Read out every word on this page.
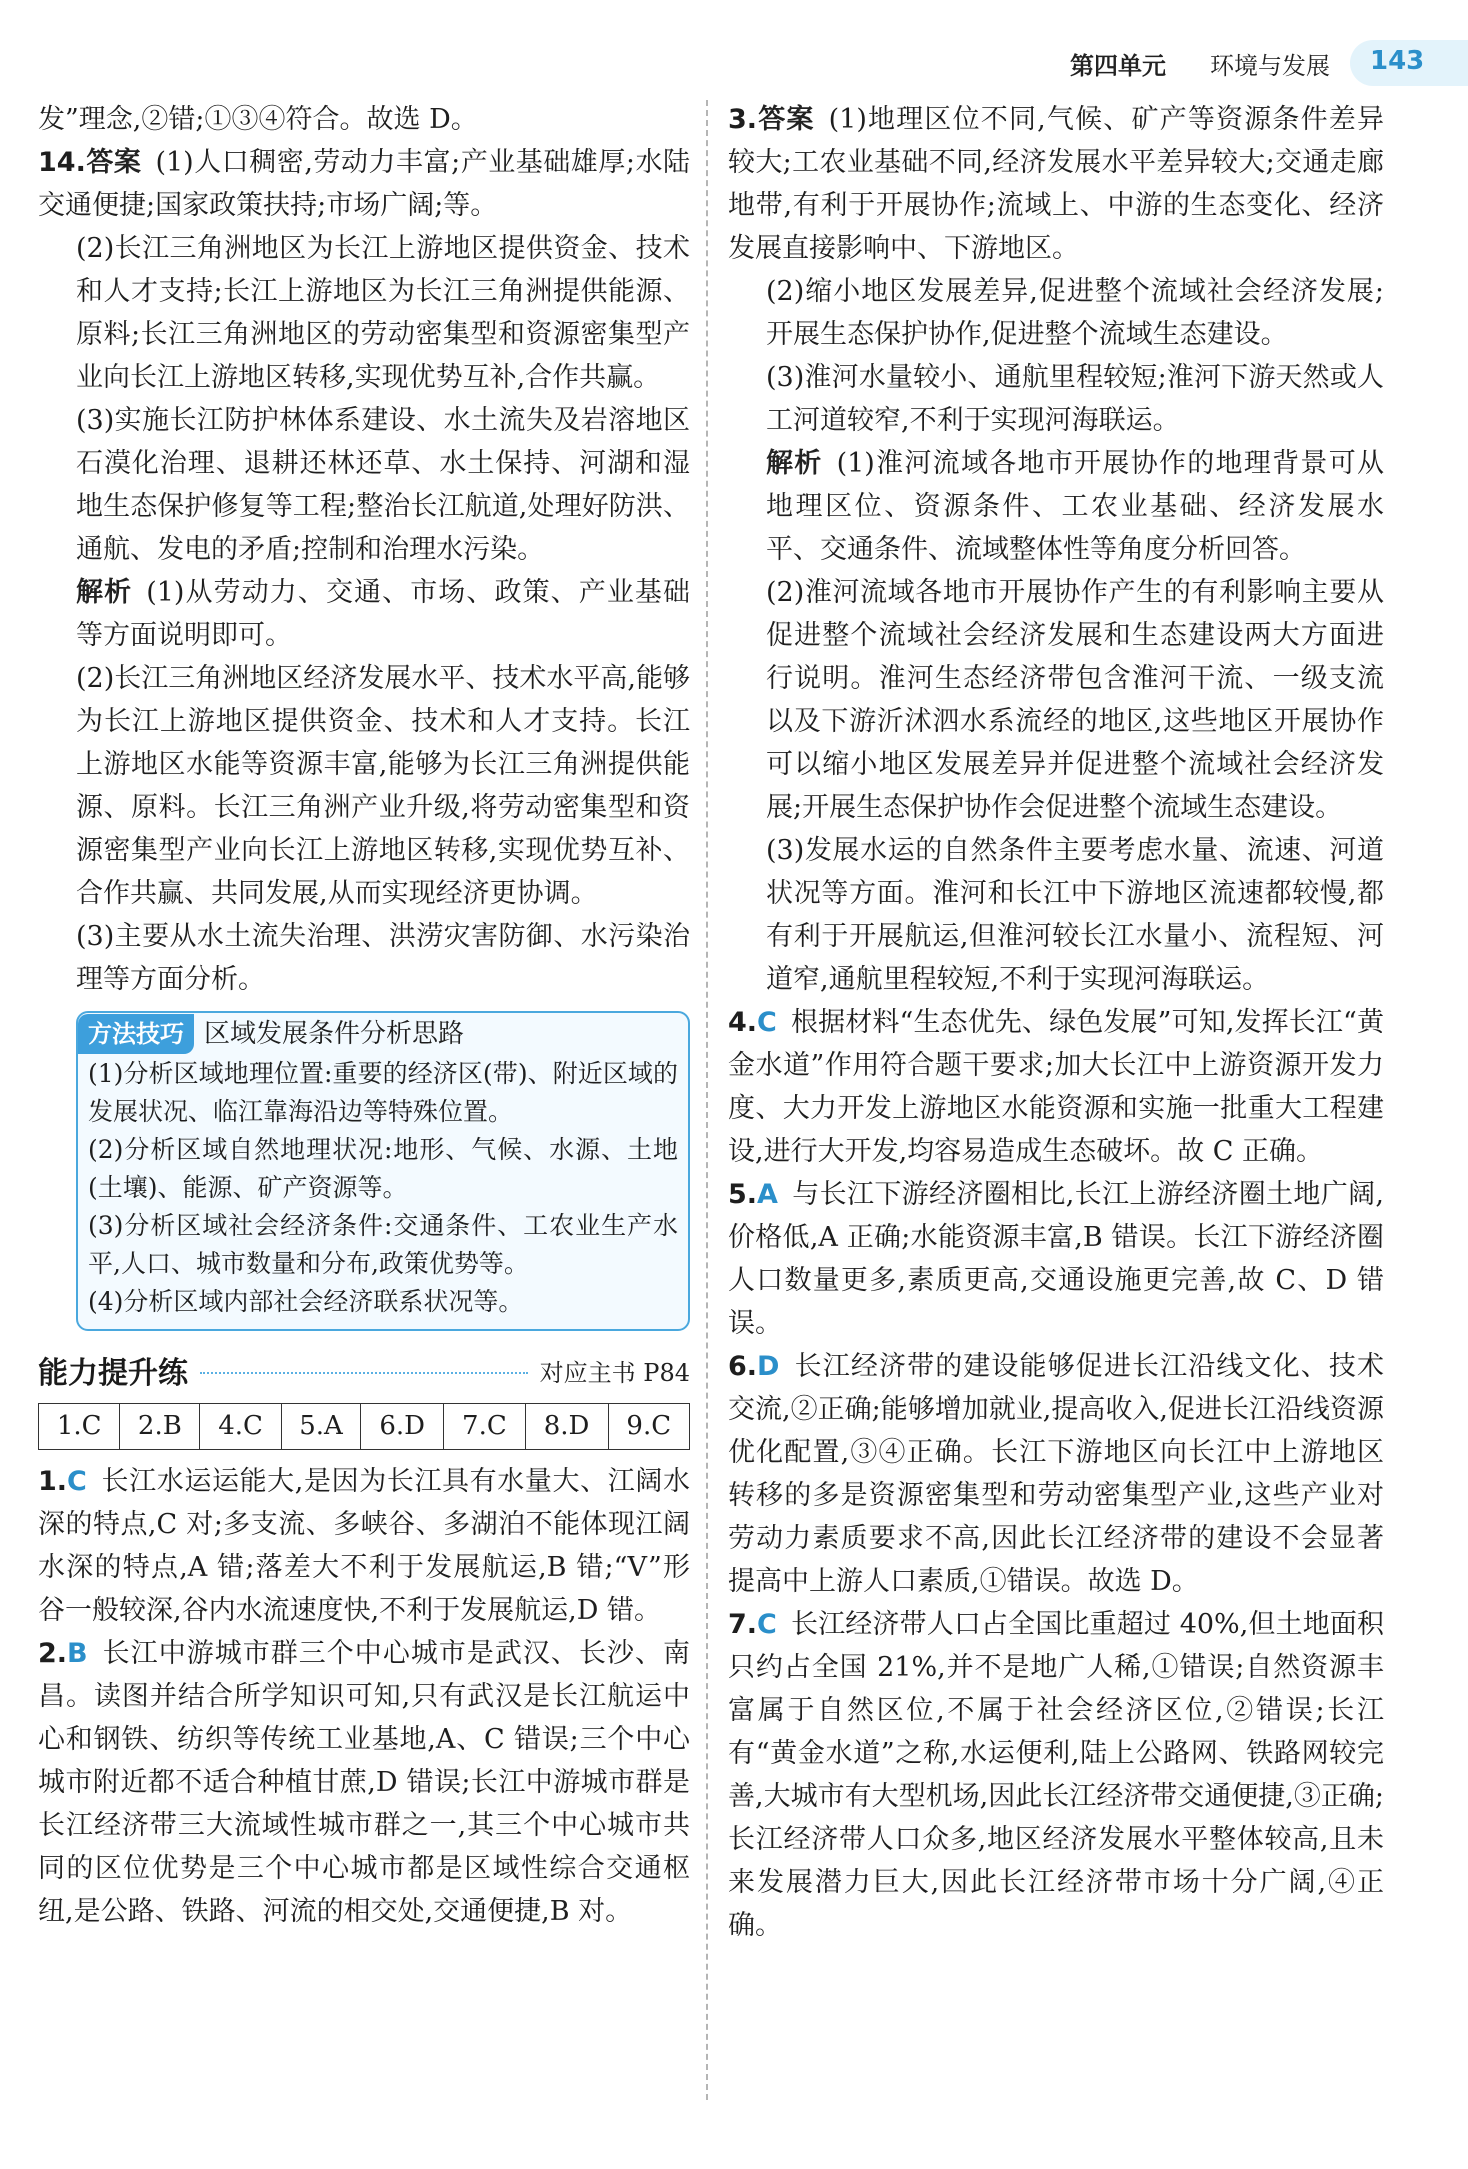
第四单元 环境与发展 143

发”理念,②错;①③④符合。故选 D。

14.答案 (1)人口稠密,劳动力丰富;产业基础雄厚;水陆交通便捷;国家政策扶持;市场广阔;等。

(2)长江三角洲地区为长江上游地区提供资金、技术和人才支持;长江上游地区为长江三角洲提供能源、原料;长江三角洲地区的劳动密集型和资源密集型产业向长江上游地区转移,实现优势互补,合作共赢。

(3)实施长江防护林体系建设、水土流失及岩溶地区石漠化治理、退耕还林还草、水土保持、河湖和湿地生态保护修复等工程;整治长江航道,处理好防洪、通航、发电的矛盾;控制和治理水污染。

解析 (1)从劳动力、交通、市场、政策、产业基础等方面说明即可。

(2)长江三角洲地区经济发展水平、技术水平高,能够为长江上游地区提供资金、技术和人才支持。长江上游地区水能等资源丰富,能够为长江三角洲提供能源、原料。长江三角洲产业升级,将劳动密集型和资源密集型产业向长江上游地区转移,实现优势互补、合作共赢、共同发展,从而实现经济更协调。

(3)主要从水土流失治理、洪涝灾害防御、水污染治理等方面分析。

方法技巧 区域发展条件分析思路

(1)分析区域地理位置:重要的经济区(带)、附近区域的发展状况、临江靠海沿边等特殊位置。

(2)分析区域自然地理状况:地形、气候、水源、土地(土壤)、能源、矿产资源等。

(3)分析区域社会经济条件:交通条件、工农业生产水平,人口、城市数量和分布,政策优势等。

(4)分析区域内部社会经济联系状况等。

能力提升练	对应主书 P84
1.C	2.B	4.C	5.A	6.D	7.C	8.D	9.C

1.C 长江水运运能大,是因为长江具有水量大、江阔水深的特点,C 对;多支流、多峡谷、多湖泊不能体现江阔水深的特点,A 错;落差大不利于发展航运,B 错;“V”形谷一般较深,谷内水流速度快,不利于发展航运,D 错。

2.B 长江中游城市群三个中心城市是武汉、长沙、南昌。读图并结合所学知识可知,只有武汉是长江航运中心和钢铁、纺织等传统工业基地,A、C 错误;三个中心城市附近都不适合种植甘蔗,D 错误;长江中游城市群是长江经济带三大流域性城市群之一,其三个中心城市共同的区位优势是三个中心城市都是区域性综合交通枢纽,是公路、铁路、河流的相交处,交通便捷,B 对。

3.答案 (1)地理区位不同,气候、矿产等资源条件差异较大;工农业基础不同,经济发展水平差异较大;交通走廊地带,有利于开展协作;流域上、中游的生态变化、经济发展直接影响中、下游地区。

(2)缩小地区发展差异,促进整个流域社会经济发展;开展生态保护协作,促进整个流域生态建设。

(3)淮河水量较小、通航里程较短;淮河下游天然或人工河道较窄,不利于实现河海联运。

解析 (1)淮河流域各地市开展协作的地理背景可从地理区位、资源条件、工农业基础、经济发展水平、交通条件、流域整体性等角度分析回答。

(2)淮河流域各地市开展协作产生的有利影响主要从促进整个流域社会经济发展和生态建设两大方面进行说明。淮河生态经济带包含淮河干流、一级支流以及下游沂沭泗水系流经的地区,这些地区开展协作可以缩小地区发展差异并促进整个流域社会经济发展;开展生态保护协作会促进整个流域生态建设。

(3)发展水运的自然条件主要考虑水量、流速、河道状况等方面。淮河和长江中下游地区流速都较慢,都有利于开展航运,但淮河较长江水量小、流程短、河道窄,通航里程较短,不利于实现河海联运。

4.C 根据材料“生态优先、绿色发展”可知,发挥长江“黄金水道”作用符合题干要求;加大长江中上游资源开发力度、大力开发上游地区水能资源和实施一批重大工程建设,进行大开发,均容易造成生态破坏。故 C 正确。

5.A 与长江下游经济圈相比,长江上游经济圈土地广阔,价格低,A 正确;水能资源丰富,B 错误。长江下游经济圈人口数量更多,素质更高,交通设施更完善,故 C、D 错误。

6.D 长江经济带的建设能够促进长江沿线文化、技术交流,②正确;能够增加就业,提高收入,促进长江沿线资源优化配置,③④正确。长江下游地区向长江中上游地区转移的多是资源密集型和劳动密集型产业,这些产业对劳动力素质要求不高,因此长江经济带的建设不会显著提高中上游人口素质,①错误。故选 D。

7.C 长江经济带人口占全国比重超过 40%,但土地面积只约占全国 21%,并不是地广人稀,①错误;自然资源丰富属于自然区位,不属于社会经济区位,②错误;长江有“黄金水道”之称,水运便利,陆上公路网、铁路网较完善,大城市有大型机场,因此长江经济带交通便捷,③正确;长江经济带人口众多,地区经济发展水平整体较高,且未来发展潜力巨大,因此长江经济带市场十分广阔,④正确。
